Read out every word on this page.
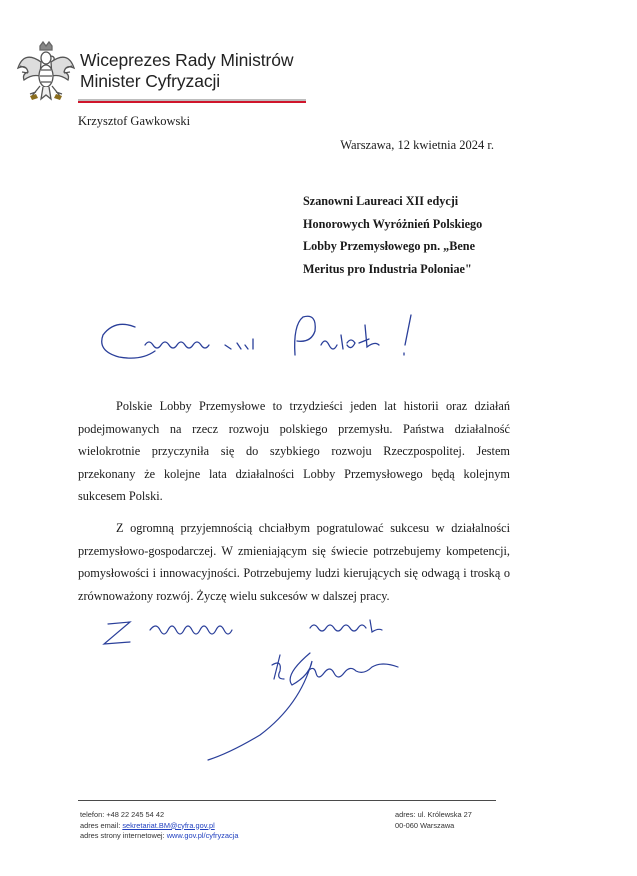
Wiceprezes Rady Ministrów
Minister Cyfryzacji
Krzysztof Gawkowski
Warszawa, 12 kwietnia 2024 r.
Szanowni Laureaci XII edycji
Honorowych Wyróżnień Polskiego
Lobby Przemysłowego pn. „Bene
Meritus pro Industria Poloniae"
Polskie Lobby Przemysłowe to trzydzieści jeden lat historii oraz działań podejmowanych na rzecz rozwoju polskiego przemysłu. Państwa działalność wielokrotnie przyczyniła się do szybkiego rozwoju Rzeczpospolitej. Jestem przekonany że kolejne lata działalności Lobby Przemysłowego będą kolejnym sukcesem Polski.
Z ogromną przyjemnością chciałbym pogratulować sukcesu w działalności przemysłowo-gospodarczej. W zmieniającym się świecie potrzebujemy kompetencji, pomysłowości i innowacyjności. Potrzebujemy ludzi kierujących się odwagą i troską o zrównoważony rozwój. Życzę wielu sukcesów w dalszej pracy.
telefon: +48 22 245 54 42
adres email: sekretariat.BM@cyfra.gov.pl
adres strony internetowej: www.gov.pl/cyfryzacja
adres: ul. Królewska 27
00-060 Warszawa
